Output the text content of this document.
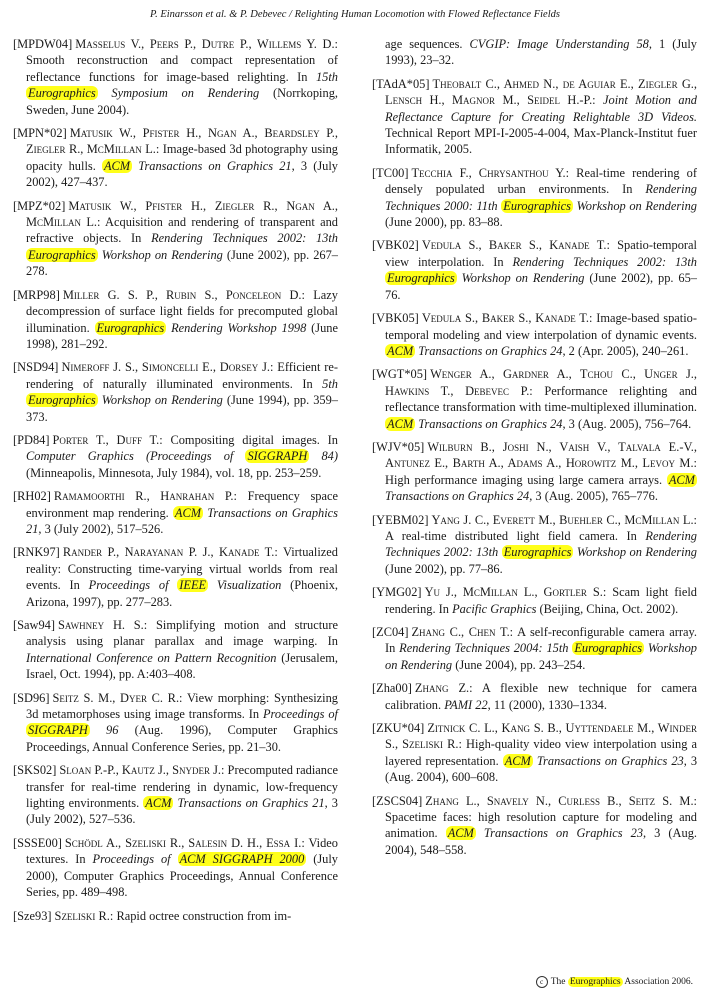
P. Einarsson et al. & P. Debevec / Relighting Human Locomotion with Flowed Reflectance Fields

[MPDW04] Masselus V., Peers P., Dutre P., Willems Y. D.: Smooth reconstruction and compact representation of reflectance functions for image-based relighting. In 15th Eurographics Symposium on Rendering (Norrkoping, Sweden, June 2004).

[MPN*02] Matusik W., Pfister H., Ngan A., Beardsley P., Ziegler R., McMillan L.: Image-based 3d photography using opacity hulls. ACM Transactions on Graphics 21, 3 (July 2002), 427–437.

[MPZ*02] Matusik W., Pfister H., Ziegler R., Ngan A., McMillan L.: Acquisition and rendering of transparent and refractive objects. In Rendering Techniques 2002: 13th Eurographics Workshop on Rendering (June 2002), pp. 267–278.

[MRP98] Miller G. S. P., Rubin S., Ponceleon D.: Lazy decompression of surface light fields for precomputed global illumination. Eurographics Rendering Workshop 1998 (June 1998), 281–292.

[NSD94] Nimeroff J. S., Simoncelli E., Dorsey J.: Efficient re-rendering of naturally illuminated environments. In 5th Eurographics Workshop on Rendering (June 1994), pp. 359–373.

[PD84] Porter T., Duff T.: Compositing digital images. In Computer Graphics (Proceedings of SIGGRAPH 84) (Minneapolis, Minnesota, July 1984), vol. 18, pp. 253–259.

[RH02] Ramamoorthi R., Hanrahan P.: Frequency space environment map rendering. ACM Transactions on Graphics 21, 3 (July 2002), 517–526.

[RNK97] Rander P., Narayanan P. J., Kanade T.: Virtualized reality: Constructing time-varying virtual worlds from real events. In Proceedings of IEEE Visualization (Phoenix, Arizona, 1997), pp. 277–283.

[Saw94] Sawhney H. S.: Simplifying motion and structure analysis using planar parallax and image warping. In International Conference on Pattern Recognition (Jerusalem, Israel, Oct. 1994), pp. A:403–408.

[SD96] Seitz S. M., Dyer C. R.: View morphing: Synthesizing 3d metamorphoses using image transforms. In Proceedings of SIGGRAPH 96 (Aug. 1996), Computer Graphics Proceedings, Annual Conference Series, pp. 21–30.

[SKS02] Sloan P.-P., Kautz J., Snyder J.: Precomputed radiance transfer for real-time rendering in dynamic, low-frequency lighting environments. ACM Transactions on Graphics 21, 3 (July 2002), 527–536.

[SSSE00] Schödl A., Szeliski R., Salesin D. H., Essa I.: Video textures. In Proceedings of ACM SIGGRAPH 2000 (July 2000), Computer Graphics Proceedings, Annual Conference Series, pp. 489–498.

[Sze93] Szeliski R.: Rapid octree construction from im-

age sequences. CVGIP: Image Understanding 58, 1 (July 1993), 23–32.

[TAdA*05] Theobalt C., Ahmed N., de Aguiar E., Ziegler G., Lensch H., Magnor M., Seidel H.-P.: Joint Motion and Reflectance Capture for Creating Relightable 3D Videos. Technical Report MPI-I-2005-4-004, Max-Planck-Institut fuer Informatik, 2005.

[TC00] Tecchia F., Chrysanthou Y.: Real-time rendering of densely populated urban environments. In Rendering Techniques 2000: 11th Eurographics Workshop on Rendering (June 2000), pp. 83–88.

[VBK02] Vedula S., Baker S., Kanade T.: Spatio-temporal view interpolation. In Rendering Techniques 2002: 13th Eurographics Workshop on Rendering (June 2002), pp. 65–76.

[VBK05] Vedula S., Baker S., Kanade T.: Image-based spatio-temporal modeling and view interpolation of dynamic events. ACM Transactions on Graphics 24, 2 (Apr. 2005), 240–261.

[WGT*05] Wenger A., Gardner A., Tchou C., Unger J., Hawkins T., Debevec P.: Performance relighting and reflectance transformation with time-multiplexed illumination. ACM Transactions on Graphics 24, 3 (Aug. 2005), 756–764.

[WJV*05] Wilburn B., Joshi N., Vaish V., Talvala E.-V., Antunez E., Barth A., Adams A., Horowitz M., Levoy M.: High performance imaging using large camera arrays. ACM Transactions on Graphics 24, 3 (Aug. 2005), 765–776.

[YEBM02] Yang J. C., Everett M., Buehler C., McMillan L.: A real-time distributed light field camera. In Rendering Techniques 2002: 13th Eurographics Workshop on Rendering (June 2002), pp. 77–86.

[YMG02] Yu J., McMillan L., Gortler S.: Scam light field rendering. In Pacific Graphics (Beijing, China, Oct. 2002).

[ZC04] Zhang C., Chen T.: A self-reconfigurable camera array. In Rendering Techniques 2004: 15th Eurographics Workshop on Rendering (June 2004), pp. 243–254.

[Zha00] Zhang Z.: A flexible new technique for camera calibration. PAMI 22, 11 (2000), 1330–1334.

[ZKU*04] Zitnick C. L., Kang S. B., Uyttendaele M., Winder S., Szeliski R.: High-quality video view interpolation using a layered representation. ACM Transactions on Graphics 23, 3 (Aug. 2004), 600–608.

[ZSCS04] Zhang L., Snavely N., Curless B., Seitz S. M.: Spacetime faces: high resolution capture for modeling and animation. ACM Transactions on Graphics 23, 3 (Aug. 2004), 548–558.

c The Eurographics Association 2006.
